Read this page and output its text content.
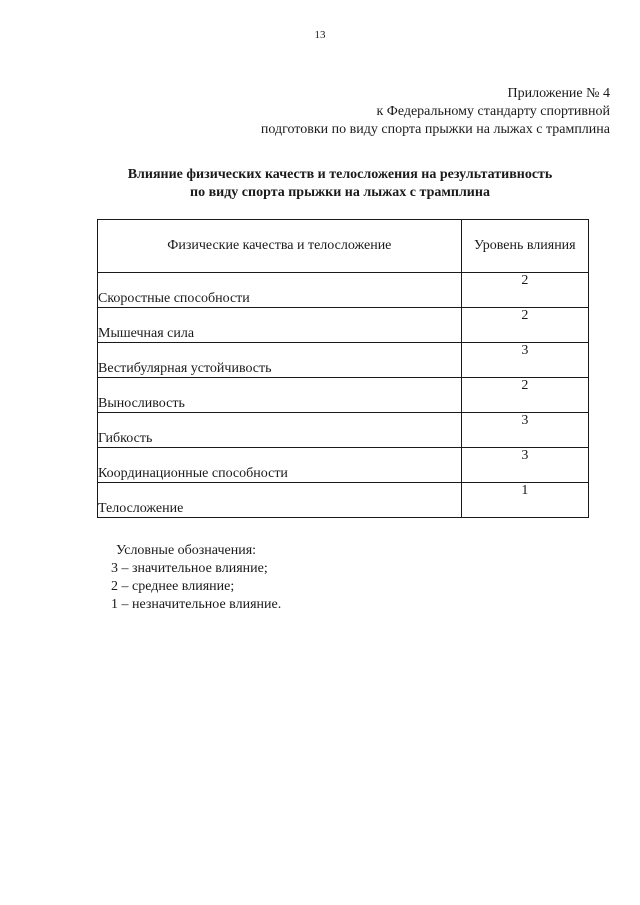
13
Приложение № 4
к Федеральному стандарту спортивной
подготовки по виду спорта прыжки на лыжах с трамплина
Влияние физических качеств и телосложения на результативность
по виду спорта прыжки на лыжах с трамплина
Физические качества и телосложение	Уровень влияния
Скоростные способности	2
Мышечная сила	2
Вестибулярная устойчивость	3
Выносливость	2
Гибкость	3
Координационные способности	3
Телосложение	1
Условные обозначения:
3 – значительное влияние;
2 – среднее влияние;
1 – незначительное влияние.
